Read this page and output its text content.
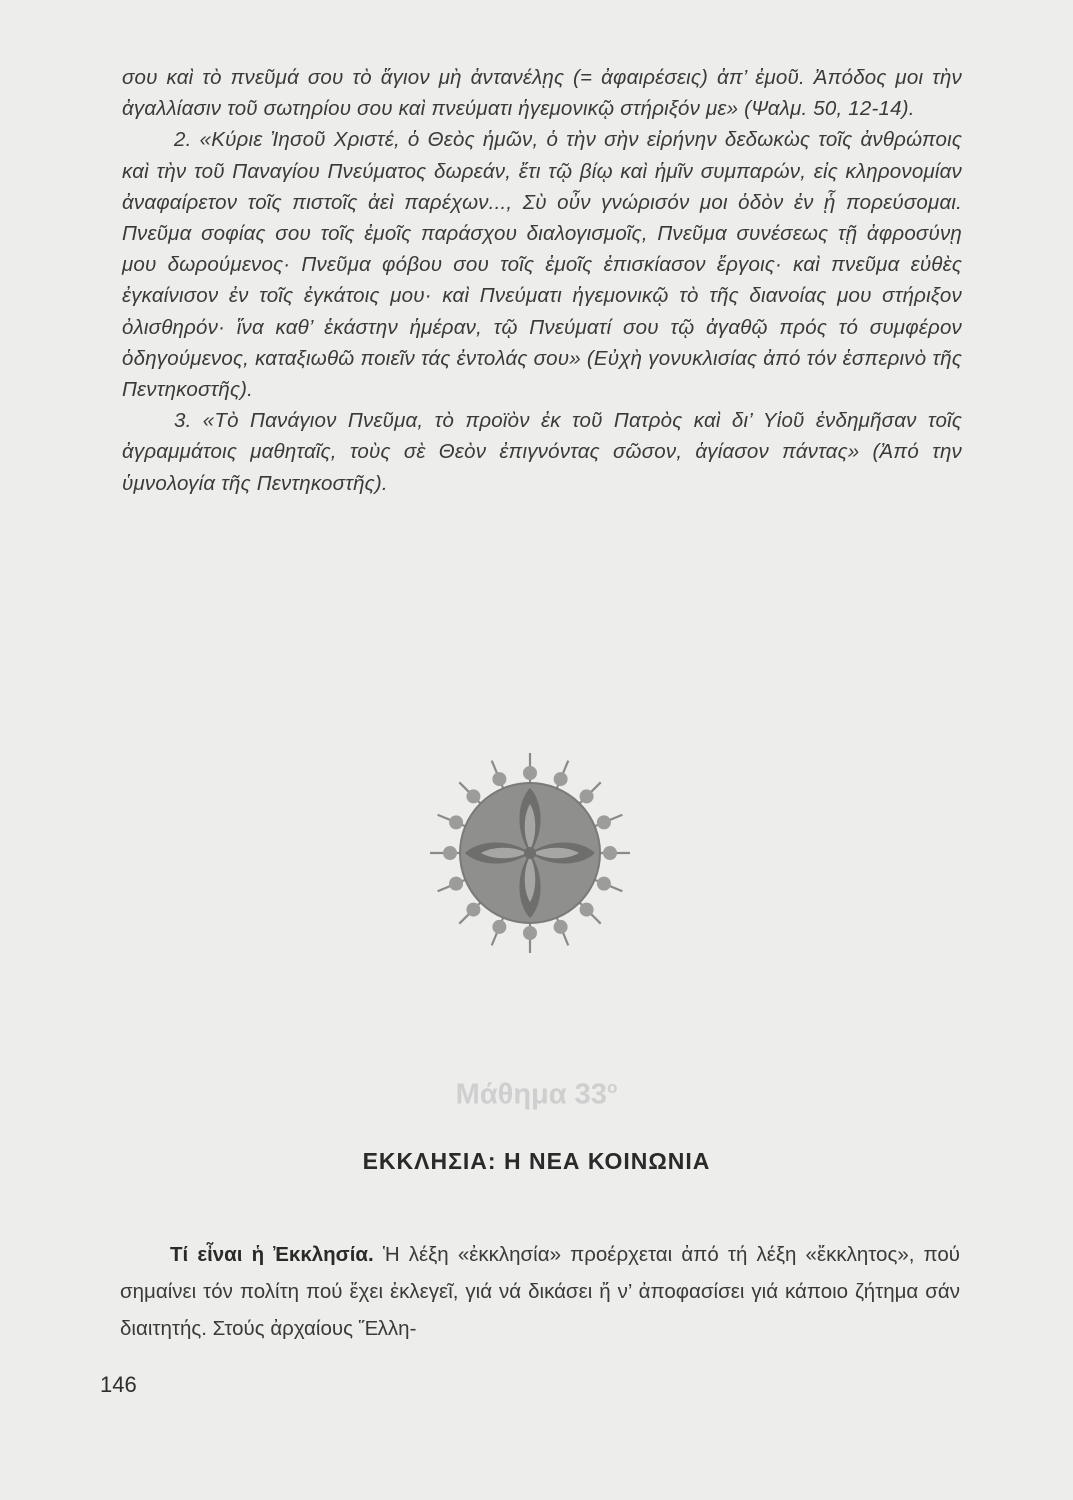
σου καὶ τὸ πνεῦμά σου τὸ ἅγιον μὴ ἀντανέλῃς (= ἀφαιρέσεις) ἀπ’ ἐμοῦ. Ἀπόδος μοι τὴν ἀγαλλίασιν τοῦ σωτηρίου σου καὶ πνεύματι ἡγεμονικῷ στήριξόν με» (Ψαλμ. 50, 12-14).

2. «Κύριε Ἰησοῦ Χριστέ, ὁ Θεὸς ἡμῶν, ὁ τὴν σὴν εἰρήνην δεδωκὼς τοῖς ἀνθρώποις καὶ τὴν τοῦ Παναγίου Πνεύματος δωρεάν, ἔτι τῷ βίῳ καὶ ἡμῖν συμπαρών, εἰς κληρονομίαν ἀναφαίρετον τοῖς πιστοῖς ἀεὶ παρέχων..., Σὺ οὖν γνώρισόν μοι ὁδὸν ἐν ᾗ πορεύσομαι. Πνεῦμα σοφίας σου τοῖς ἐμοῖς παράσχου διαλογισμοῖς, Πνεῦμα συνέσεως τῇ ἀφροσύνῃ μου δωρούμενος· Πνεῦμα φόβου σου τοῖς ἐμοῖς ἐπισκίασον ἔργοις· καὶ πνεῦμα εὐθὲς ἐγκαίνισον ἐν τοῖς ἐγκάτοις μου· καὶ Πνεύματι ἡγεμονικῷ τὸ τῆς διανοίας μου στήριξον ὀλισθηρόν· ἵνα καθ’ ἑκάστην ἡμέραν, τῷ Πνεύματί σου τῷ ἀγαθῷ πρός τό συμφέρον ὁδηγούμενος, καταξιωθῶ ποιεῖν τάς ἐντολάς σου» (Εὐχὴ γονυκλισίας ἀπό τόν ἑσπερινὸ τῆς Πεντηκοστῆς).

3. «Τὸ Πανάγιον Πνεῦμα, τὸ προϊὸν ἐκ τοῦ Πατρὸς καὶ δι’ Υἱοῦ ἐνδημῆσαν τοῖς ἀγραμμάτοις μαθηταῖς, τοὺς σὲ Θεὸν ἐπιγνόντας σῶσον, ἁγίασον πάντας» (Ἀπό την ὑμνολογία τῆς Πεντηκοστῆς).

Μάθημα $33^o$
ΕΚΚΛΗΣΙΑ: Η ΝΕΑ ΚΟΙΝΩΝΙΑ

Τί εἶναι ἡ Ἐκκλησία. Ἡ λέξη «ἐκκλησία» προέρχεται ἀπό τή λέξη «ἔκκλητος», πού σημαίνει τόν πολίτη πού ἔχει ἐκλεγεῖ, γιά νά δικάσει ἤ ν’ ἀποφασίσει γιά κάποιο ζήτημα σάν διαιτητής. Στούς ἀρχαίους Ἕλλη-

146
